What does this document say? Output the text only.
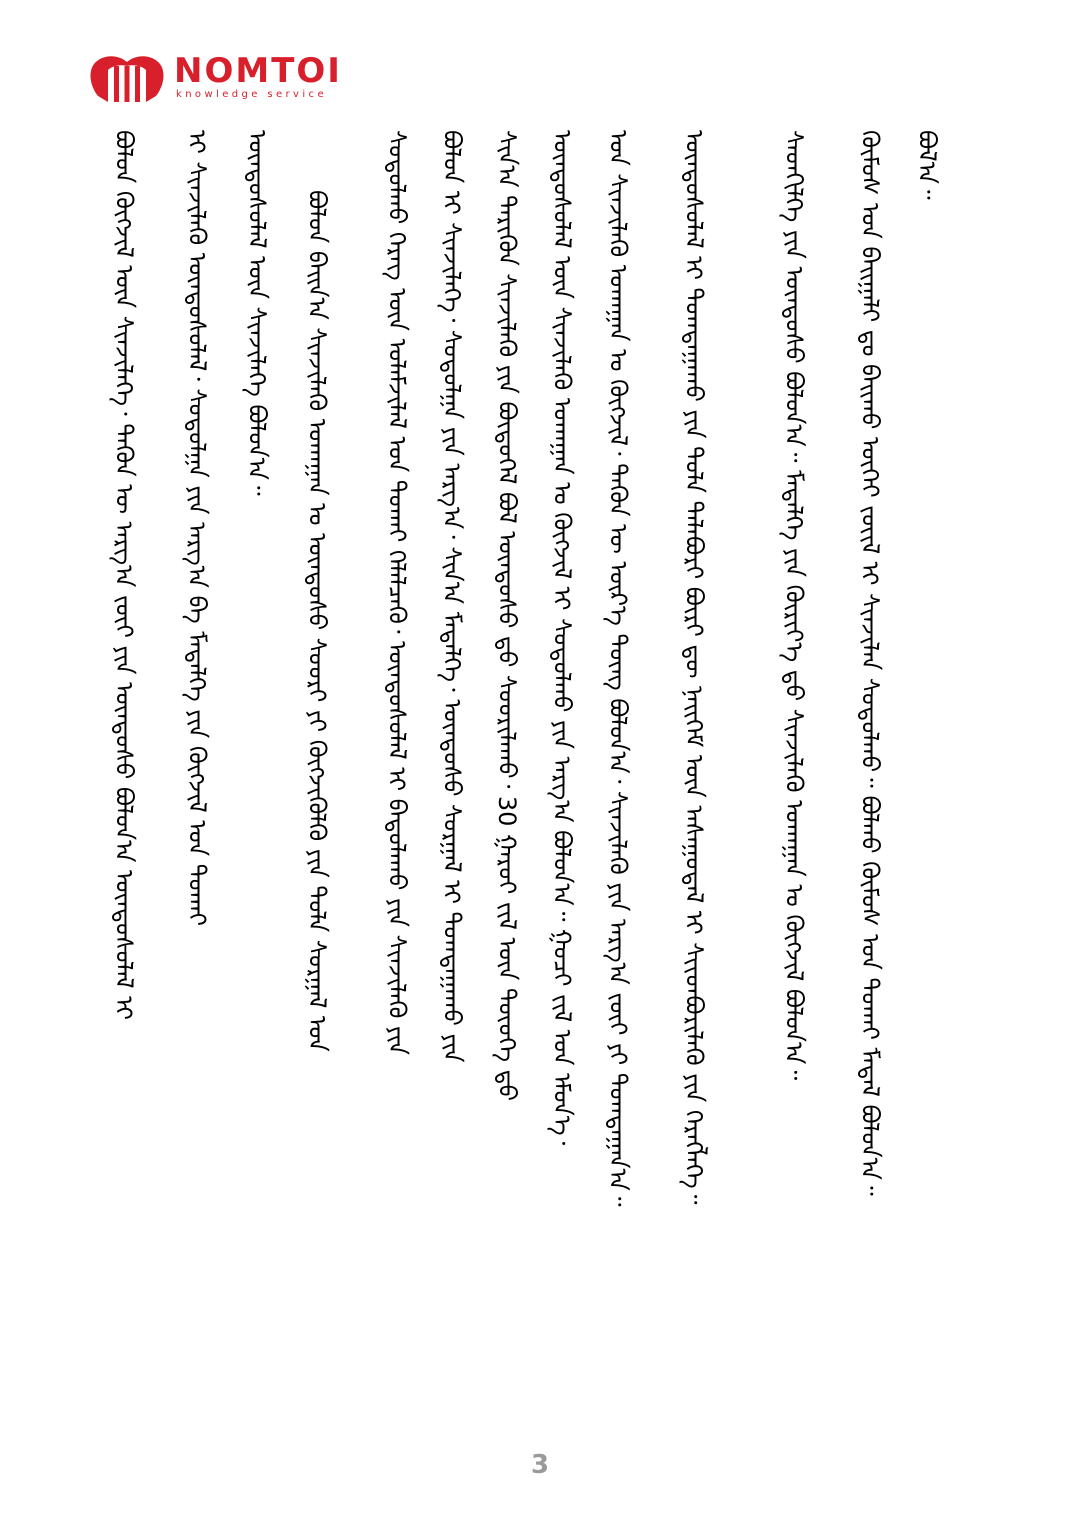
NOMTOI
knowledge service
ᠪᠣᠯ᠎ᠠ᠃
ᠬᠦᠮᠦᠰ ᠤᠨ ᠪᠠᠢᠭᠠᠯᠢ ᠳᠤ ᠪᠠᠢᠬᠤ ᠦᠭᠡᠢ ᠵᠦᠢᠯ ᠢ ᠰᠢᠨᠵᠢᠯᠡᠨ ᠰᠤᠳᠤᠯᠬᠤ᠃ ᠪᠣᠯᠬᠤ ᠬᠦᠮᠦᠰ ᠤᠨ ᠲᠤᠬᠠᠢ ᠮᠠᠳᠠᠯ ᠪᠣᠯᠤᠨ᠎ᠠ᠃
ᠰᠡᠳᠬᠢᠯᠭᠡ ᠶᠢᠨ ᠦᠨᠳᠦᠰᠦ ᠪᠣᠯᠤᠨ᠎ᠠ᠃ ᠮᠡᠳᠡᠯᠭᠡ ᠶᠢᠨ ᠬᠦᠷᠢᠶ᠎ᠡ ᠳ᠋ᠦ ᠰᠢᠨᠵᠢᠯᠡᠬᠦ ᠤᠬᠠᠭᠠᠨ ᠤ ᠬᠥᠭᠵᠢᠯ ᠪᠣᠯᠤᠨ᠎ᠠ᠃
ᠦᠨᠳᠦᠰᠦᠯᠡᠯ ᠢ ᠲᠣᠭᠲᠠᠭᠠᠬᠤ ᠶᠢᠨ ᠲᠤᠯᠠ ᠲᠠᠯᠠᠪᠤᠷᠢ ᠪᠦᠷᠢ ᠳᠦ ᠨᠡᠢᠭᠡᠮ ᠦᠨ ᠠᠰᠠᠭᠤᠳᠠᠯ ᠢ ᠰᠢᠢᠳᠪᠦᠷᠢᠯᠡᠬᠦ ᠶᠢᠨ ᠬᠡᠷᠡᠭᠯᠡᠭᠡ᠃
ᠤᠨ ᠰᠢᠨᠵᠢᠯᠡᠬᠦ ᠤᠬᠠᠭᠠᠨ ᠤ ᠬᠥᠭᠵᠢᠯ᠂ ᠲᠡᠭᠦᠨ ᠦ ᠦᠷ᠎ᠡ ᠳᠦᠩ ᠪᠣᠯᠤᠨ᠎ᠠ᠂ ᠰᠢᠨᠵᠢᠯᠡᠬᠦ ᠶᠢᠨ ᠠᠷᠭ᠎ᠠ ᠵᠦᠢ ᠶᠢ ᠲᠣᠭᠲᠠᠭᠠᠨ᠎ᠠ᠃
ᠦᠨᠳᠦᠰᠦᠯᠡᠯ ᠦᠨ ᠰᠢᠨᠵᠢᠯᠡᠬᠦ ᠤᠬᠠᠭᠠᠨ ᠤ ᠬᠥᠭᠵᠢᠯ ᠢ ᠰᠤᠳᠤᠯᠬᠤ ᠶᠢᠨ ᠠᠷᠭ᠎ᠠ ᠪᠣᠯᠤᠨ᠎ᠠ᠃ ᠭᠤᠴᠢ ᠵᠢᠯ ᠤᠨ ᠡᠮᠦᠨ᠎ᠡ᠂
ᠰᠢᠨ᠎ᠠ ᠲᠡᠷᠢᠭᠦᠨ ᠰᠢᠨᠵᠢᠯᠡᠬᠦ ᠶᠢᠨ ᠪᠦᠲᠦᠭᠡᠯ ᠪᠣᠯ ᠦᠨᠳᠦᠰᠦ ᠳ᠋ᠦ ᠰᠤᠤᠷᠢᠯᠠᠬᠤ᠂ 30 ᠭᠠᠷᠤᠢ ᠵᠢᠯ ᠦᠨ ᠲᠦᠦᠬᠡ ᠳ᠋ᠦ
ᠪᠣᠯᠤᠨ ᠢ ᠰᠢᠨᠵᠢᠯᠡᠭᠡ᠂ ᠰᠤᠳᠤᠯᠭᠠ ᠶᠢᠨ ᠠᠷᠭ᠎ᠠ᠂ ᠰᠢᠨ᠎ᠠ ᠮᠡᠳᠡᠯᠭᠡ᠂ ᠦᠨᠳᠦᠰᠦ ᠰᠤᠷᠭᠠᠯ ᠢ ᠲᠣᠭᠲᠠᠭᠠᠬᠤ ᠶᠢᠨ
ᠰᠤᠳᠤᠯᠬᠤ ᠬᠡᠷᠡᠭ ᠦᠨ ᠤᠯᠠᠮᠵᠢᠯᠠᠯ ᠤᠨ ᠲᠤᠬᠠᠢ ᠬᠡᠯᠡᠯᠴᠡᠬᠦ᠂ ᠦᠨᠳᠦᠰᠦᠯᠡᠯ ᠢ ᠪᠠᠲᠤᠯᠠᠬᠤ ᠶᠢᠨ ᠰᠢᠨᠵᠢᠯᠡᠬᠦ ᠶᠢᠨ
ᠪᠣᠯᠤᠨ ᠪᠠᠢᠨ᠎ᠠ ᠰᠢᠨᠵᠢᠯᠡᠬᠦ ᠤᠬᠠᠭᠠᠨ ᠤ ᠦᠨᠳᠦᠰᠦ ᠰᠤᠤᠷᠢ ᠶᠢ ᠬᠥᠭᠵᠢᠭᠦᠯᠬᠦ ᠶᠢᠨ ᠲᠤᠯᠠ ᠰᠤᠷᠭᠠᠯ ᠤᠨ
ᠦᠨᠳᠦᠰᠦᠯᠡᠯ ᠦᠨ ᠰᠢᠨᠵᠢᠯᠡᠭᠡ ᠪᠣᠯᠤᠨ᠎ᠠ᠃
ᠢ ᠰᠢᠨᠵᠢᠯᠡᠬᠦ ᠦᠨᠳᠦᠰᠦᠯᠡᠯ᠂ ᠰᠤᠳᠤᠯᠭᠠ ᠶᠢᠨ ᠠᠷᠭ᠎ᠠ ᠪᠠ ᠮᠡᠳᠡᠯᠭᠡ ᠶᠢᠨ ᠬᠥᠭᠵᠢᠯ ᠤᠨ ᠲᠤᠬᠠᠢ
ᠪᠣᠯᠤᠨ ᠬᠥᠭᠵᠢᠯ ᠦᠨ ᠰᠢᠨᠵᠢᠯᠡᠭᠡ᠂ ᠲᠡᠭᠦᠨ ᠦ ᠠᠷᠭ᠎ᠠ ᠵᠦᠢ ᠶᠢᠨ ᠦᠨᠳᠦᠰᠦ ᠪᠣᠯᠤᠨ᠎ᠠ ᠦᠨᠳᠦᠰᠦᠯᠡᠯ ᠢ
3
